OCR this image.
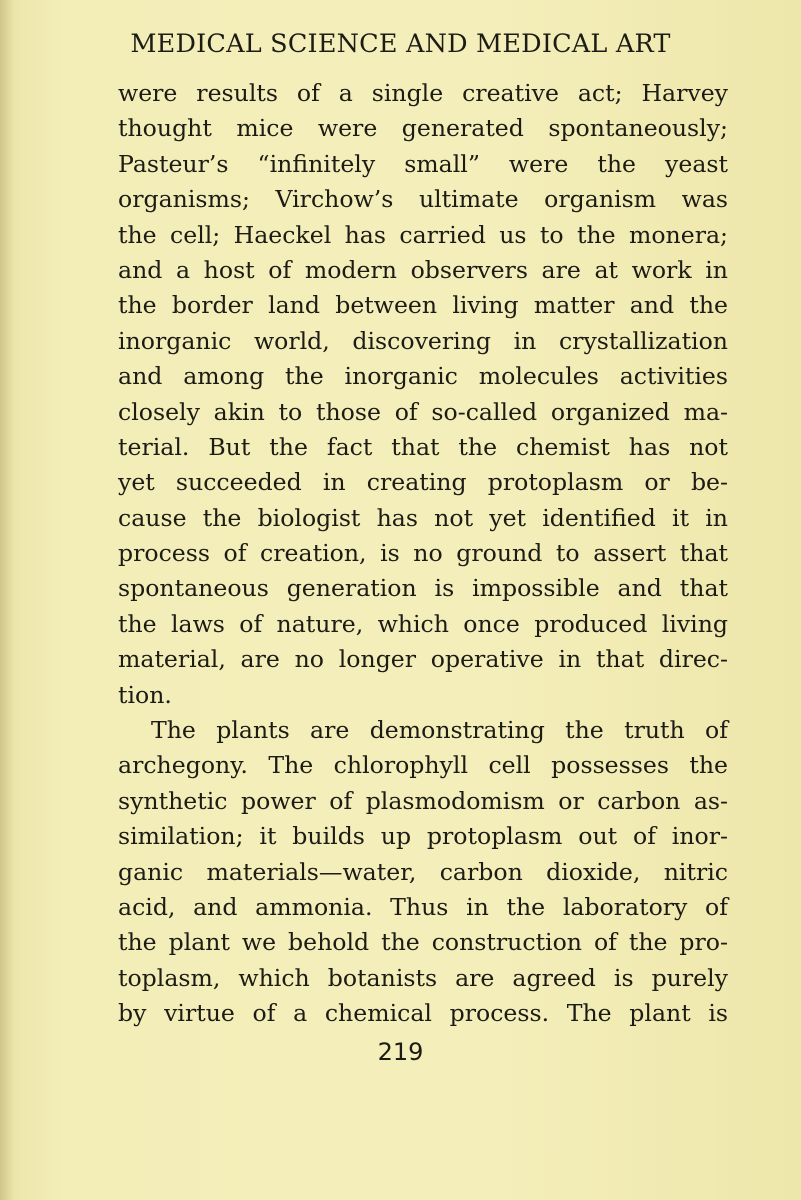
MEDICAL SCIENCE AND MEDICAL ART
were results of a single creative act; Harvey
thought mice were generated spontaneously;
Pasteur’s “infinitely small” were the yeast
organisms; Virchow’s ultimate organism was
the cell; Haeckel has carried us to the monera;
and a host of modern observers are at work in
the border land between living matter and the
inorganic world, discovering in crystallization
and among the inorganic molecules activities
closely akin to those of so-called organized ma-
terial. But the fact that the chemist has not
yet succeeded in creating protoplasm or be-
cause the biologist has not yet identified it in
process of creation, is no ground to assert that
spontaneous generation is impossible and that
the laws of nature, which once produced living
material, are no longer operative in that direc-
tion.
The plants are demonstrating the truth of
archegony. The chlorophyll cell possesses the
synthetic power of plasmodomism or carbon as-
similation; it builds up protoplasm out of inor-
ganic materials—water, carbon dioxide, nitric
acid, and ammonia. Thus in the laboratory of
the plant we behold the construction of the pro-
toplasm, which botanists are agreed is purely
by virtue of a chemical process. The plant is
219
